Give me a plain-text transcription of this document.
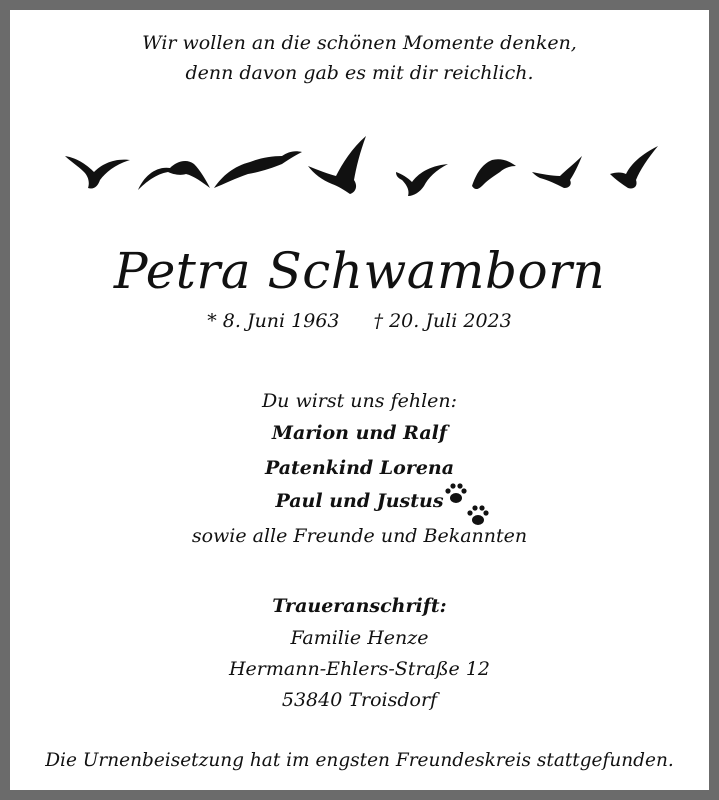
Wir wollen an die schönen Momente denken,
denn davon gab es mit dir reichlich.
Petra Schwamborn
* 8. Juni 1963 † 20. Juli 2023
Du wirst uns fehlen:
Marion und Ralf
Patenkind Lorena
Paul und Justus
sowie alle Freunde und Bekannten
Traueranschrift:
Familie Henze
Hermann-Ehlers-Straße 12
53840 Troisdorf
Die Urnenbeisetzung hat im engsten Freundeskreis stattgefunden.
